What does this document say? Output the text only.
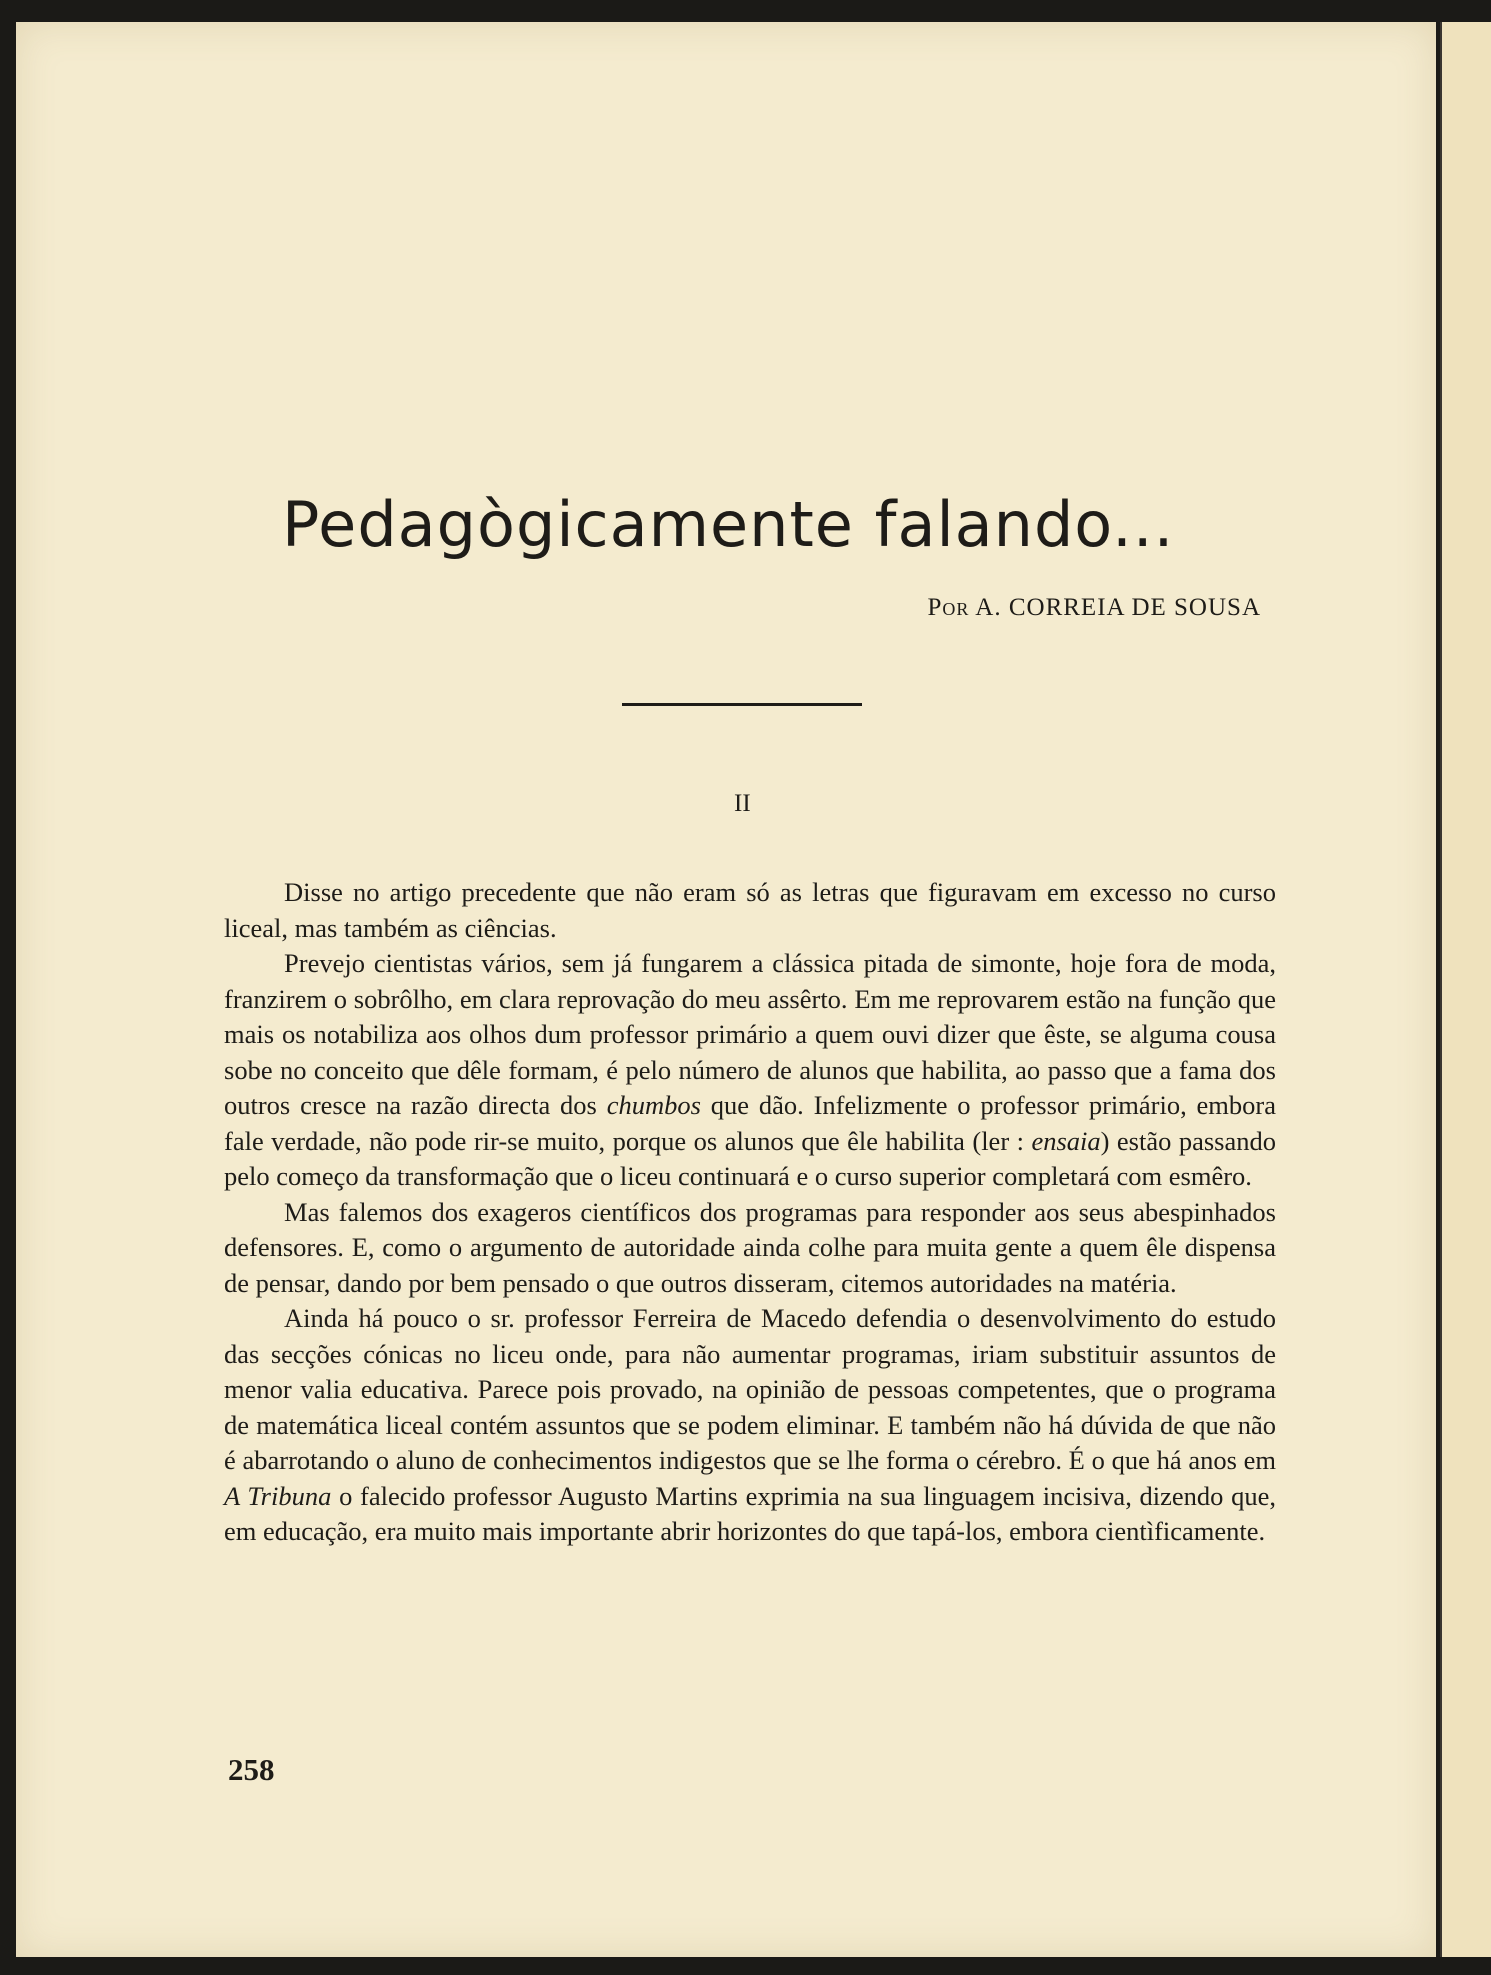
Pedagògicamente falando...
Por A. CORREIA DE SOUSA
II

Disse no artigo precedente que não eram só as letras que figuravam em excesso no curso liceal, mas também as ciências.

Prevejo cientistas vários, sem já fungarem a clássica pitada de simonte, hoje fora de moda, franzirem o sobrôlho, em clara reprovação do meu assêrto. Em me reprovarem estão na função que mais os notabiliza aos olhos dum professor primário a quem ouvi dizer que êste, se alguma cousa sobe no conceito que dêle formam, é pelo número de alunos que habilita, ao passo que a fama dos outros cresce na razão directa dos chumbos que dão. Infelizmente o professor primário, embora fale verdade, não pode rir-se muito, porque os alunos que êle habilita (ler : ensaia) estão passando pelo começo da transformação que o liceu continuará e o curso superior completará com esmêro.

Mas falemos dos exageros científicos dos programas para responder aos seus abespinhados defensores. E, como o argumento de autoridade ainda colhe para muita gente a quem êle dispensa de pensar, dando por bem pensado o que outros disseram, citemos autoridades na matéria.

Ainda há pouco o sr. professor Ferreira de Macedo defendia o desenvolvimento do estudo das secções cónicas no liceu onde, para não aumentar programas, iriam substituir assuntos de menor valia educativa. Parece pois provado, na opinião de pessoas competentes, que o programa de matemática liceal contém assuntos que se podem eliminar. E também não há dúvida de que não é abarrotando o aluno de conhecimentos indigestos que se lhe forma o cérebro. É o que há anos em A Tribuna o falecido professor Augusto Martins exprimia na sua linguagem incisiva, dizendo que, em educação, era muito mais importante abrir horizontes do que tapá-los, embora cientìficamente.

258
